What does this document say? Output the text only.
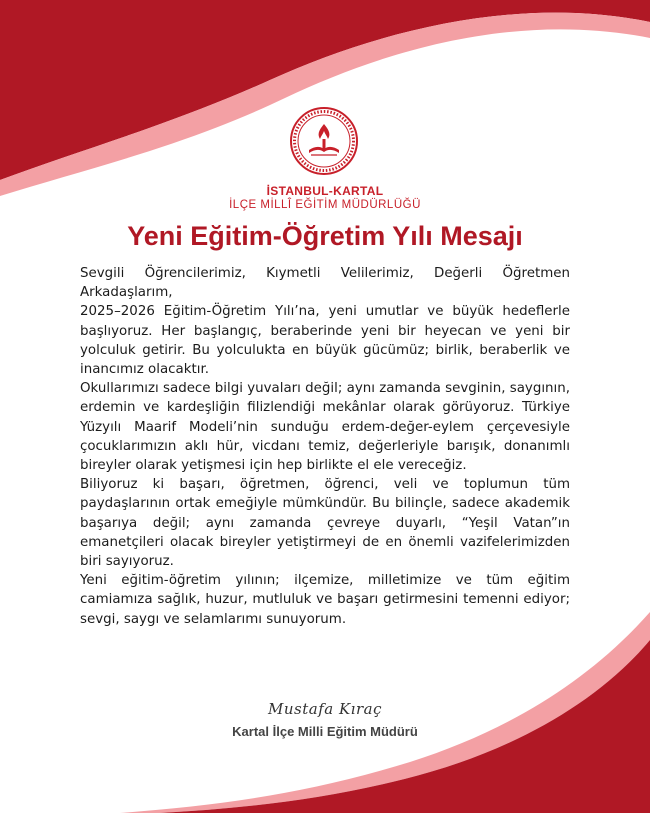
İSTANBUL-KARTAL
İLÇE MİLLÎ EĞİTİM MÜDÜRLÜĞÜ
Yeni Eğitim-Öğretim Yılı Mesajı

Sevgili Öğrencilerimiz, Kıymetli Velilerimiz, Değerli Öğretmen Arkadaşlarım,

2025–2026 Eğitim-Öğretim Yılı’na, yeni umutlar ve büyük hedeflerle başlıyoruz. Her başlangıç, beraberinde yeni bir heyecan ve yeni bir yolculuk getirir. Bu yolculukta en büyük gücümüz; birlik, beraberlik ve inancımız olacaktır.

Okullarımızı sadece bilgi yuvaları değil; aynı zamanda sevginin, saygının, erdemin ve kardeşliğin filizlendiği mekânlar olarak görüyoruz. Türkiye Yüzyılı Maarif Modeli’nin sunduğu erdem-değer-eylem çerçevesiyle çocuklarımızın aklı hür, vicdanı temiz, değerleriyle barışık, donanımlı bireyler olarak yetişmesi için hep birlikte el ele vereceğiz.

Biliyoruz ki başarı, öğretmen, öğrenci, veli ve toplumun tüm paydaşlarının ortak emeğiyle mümkündür. Bu bilinçle, sadece akademik başarıya değil; aynı zamanda çevreye duyarlı, “Yeşil Vatan”ın emanetçileri olacak bireyler yetiştirmeyi de en önemli vazifelerimizden biri sayıyoruz.

Yeni eğitim-öğretim yılının; ilçemize, milletimize ve tüm eğitim camiamıza sağlık, huzur, mutluluk ve başarı getirmesini temenni ediyor; sevgi, saygı ve selamlarımı sunuyorum.

Mustafa Kıraç
Kartal İlçe Milli Eğitim Müdürü
